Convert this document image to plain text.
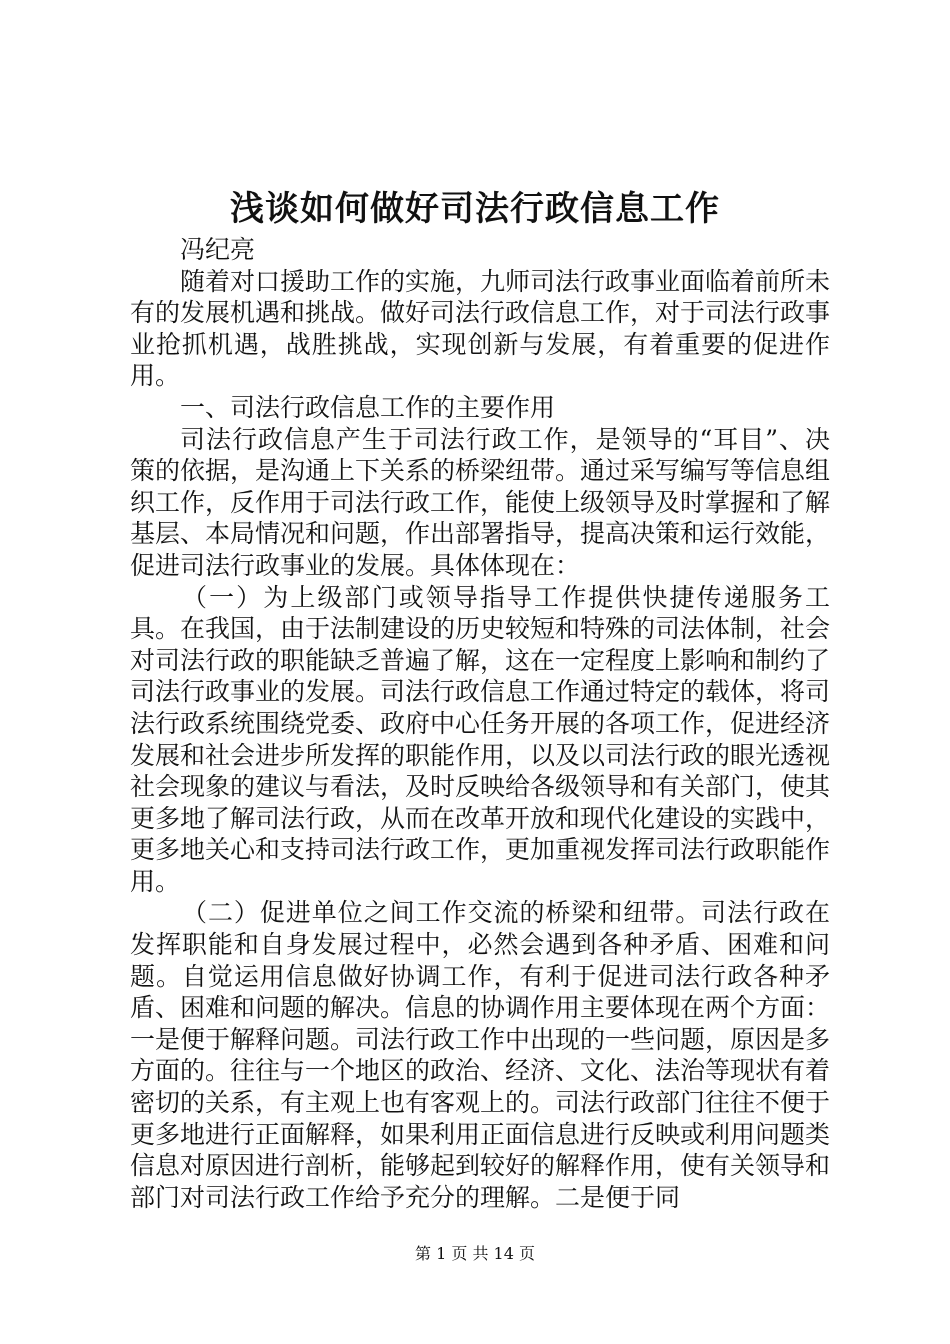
浅谈如何做好司法行政信息工作

冯纪亮

随着对口援助工作的实施，九师司法行政事业面临着前所未有的发展机遇和挑战。做好司法行政信息工作，对于司法行政事业抢抓机遇，战胜挑战，实现创新与发展，有着重要的促进作用。

一、司法行政信息工作的主要作用

司法行政信息产生于司法行政工作，是领导的“耳目”、决策的依据，是沟通上下关系的桥梁纽带。通过采写编写等信息组织工作，反作用于司法行政工作，能使上级领导及时掌握和了解基层、本局情况和问题，作出部署指导，提高决策和运行效能，促进司法行政事业的发展。具体体现在：

（一）为上级部门或领导指导工作提供快捷传递服务工具。在我国，由于法制建设的历史较短和特殊的司法体制，社会对司法行政的职能缺乏普遍了解，这在一定程度上影响和制约了司法行政事业的发展。司法行政信息工作通过特定的载体，将司法行政系统围绕党委、政府中心任务开展的各项工作，促进经济发展和社会进步所发挥的职能作用，以及以司法行政的眼光透视社会现象的建议与看法，及时反映给各级领导和有关部门，使其更多地了解司法行政，从而在改革开放和现代化建设的实践中，更多地关心和支持司法行政工作，更加重视发挥司法行政职能作用。

（二）促进单位之间工作交流的桥梁和纽带。司法行政在发挥职能和自身发展过程中，必然会遇到各种矛盾、困难和问题。自觉运用信息做好协调工作，有利于促进司法行政各种矛盾、困难和问题的解决。信息的协调作用主要体现在两个方面：一是便于解释问题。司法行政工作中出现的一些问题，原因是多方面的。往往与一个地区的政治、经济、文化、法治等现状有着密切的关系，有主观上也有客观上的。司法行政部门往往不便于更多地进行正面解释，如果利用正面信息进行反映或利用问题类信息对原因进行剖析，能够起到较好的解释作用，使有关领导和部门对司法行政工作给予充分的理解。二是便于同

第 1 页 共 14 页
